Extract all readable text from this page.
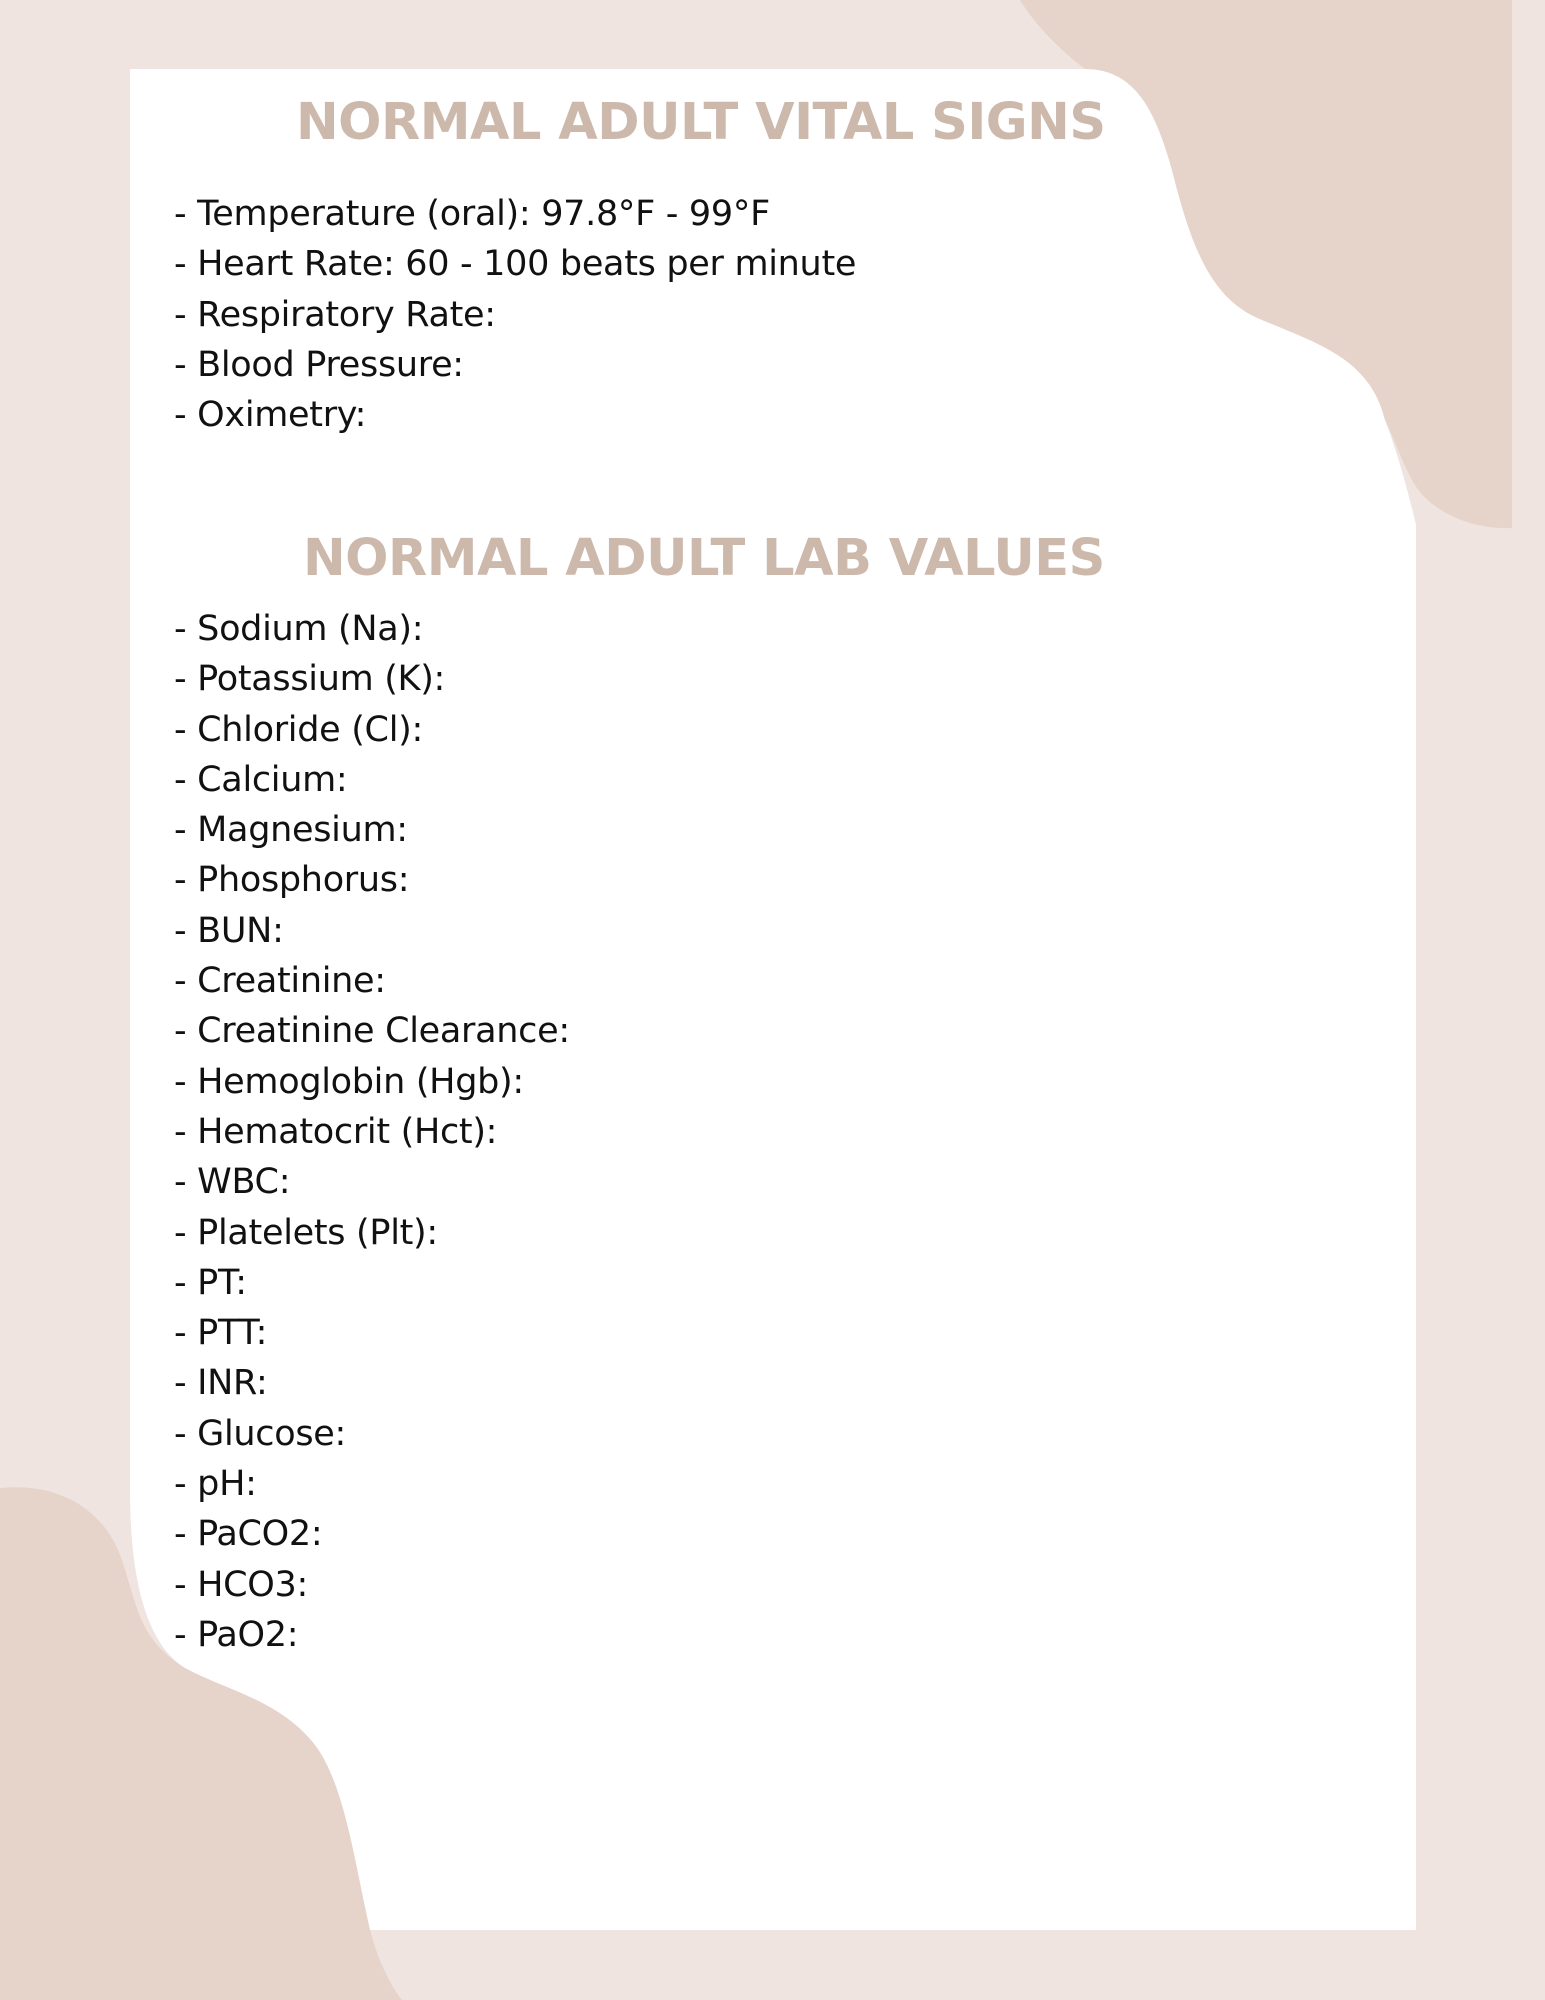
NORMAL ADULT VITAL SIGNS
- Temperature (oral): 97.8°F - 99°F
- Heart Rate: 60 - 100 beats per minute
- Respiratory Rate:
- Blood Pressure:
- Oximetry:
NORMAL ADULT LAB VALUES
- Sodium (Na):
- Potassium (K):
- Chloride (Cl):
- Calcium:
- Magnesium:
- Phosphorus:
- BUN:
- Creatinine:
- Creatinine Clearance:
- Hemoglobin (Hgb):
- Hematocrit (Hct):
- WBC:
- Platelets (Plt):
- PT:
- PTT:
- INR:
- Glucose:
- pH:
- PaCO2:
- HCO3:
- PaO2:
